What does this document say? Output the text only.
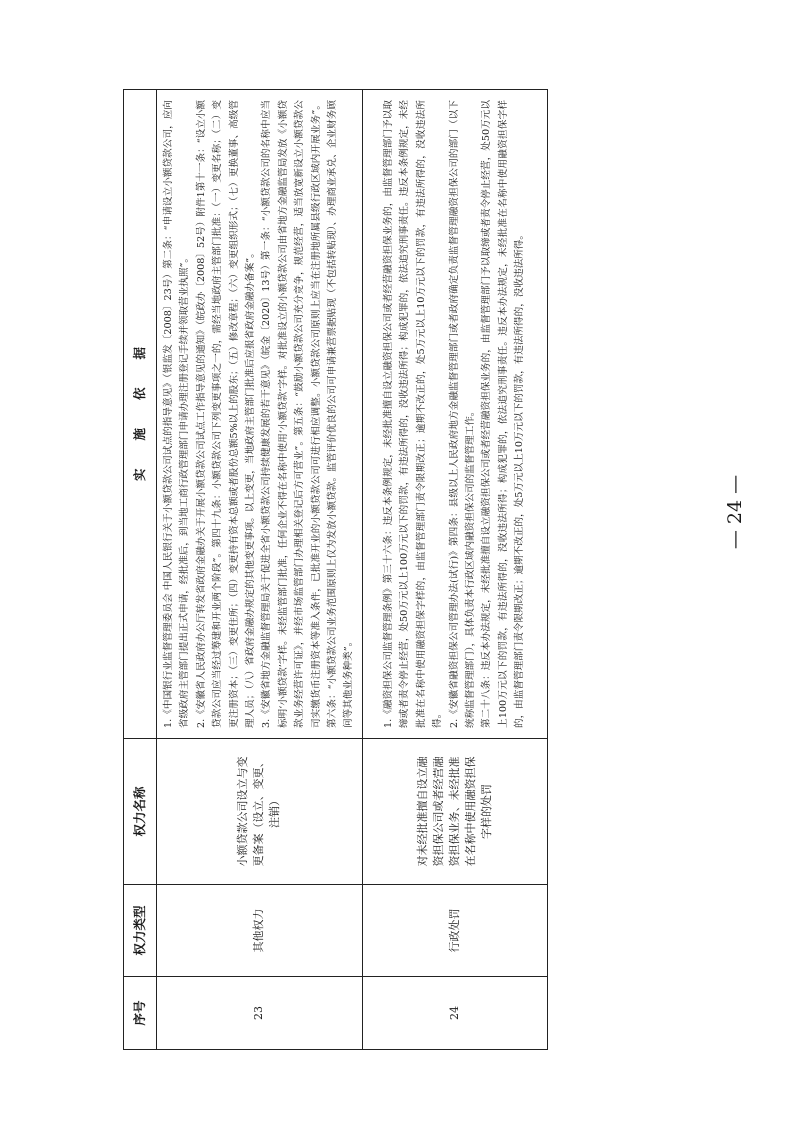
序号	权力类型	权力名称	实施依据
23	其他权力	小额贷款公司设立与变更备案（设立、变更、注销）	1.《中国银行业监督管理委员会 中国人民银行关于小额贷款公司试点的指导意见》（银监发〔2008〕23号）第二条：“申请设立小额贷款公司，应向省级政府主管部门提出正式申请，经批准后，到当地工商行政管理部门申请办理注册登记手续并领取营业执照”。 2.《安徽省人民政府办公厅转发省政府金融办关于开展小额贷款公司试点工作指导意见的通知》（皖政办〔2008〕52号）附件1第十一条：“设立小额贷款公司应当经过筹建和开业两个阶段”。第四十九条：小额贷款公司下列变更事项之一的，需经当地政府主管部门批准：（一）变更名称；（二）变更注册资本；（三）变更住所；（四）变更持有资本总额或者股份总额5%以上的股东；（五）修改章程；（六）变更组织形式；（七）更换董事、高级管理人员；（八）省政府金融办规定的其他变更事项。以上变更，当地政府主管部门批准后应报省政府金融办备案”。 3.《安徽省地方金融监督管理局关于促进全省小额贷款公司持续健康发展的若干意见》（皖金〔2020〕13号）第一条：“小额贷款公司的名称中应当标明‘小额贷款’字样。未经监管部门批准，任何企业不得在名称中使用‘小额贷款’字样。对批准设立的小额贷款公司由省地方金融监管局发放《小额贷款业务经营许可证》，并经市场监管部门办理相关登记后方可营业”。第五条：“鼓励小额贷款公司充分竞争，规范经营，适当放宽新设立小额贷款公司实缴货币注册资本等准入条件，已批准开业的小额贷款公司可进行相应调整。小额贷款公司原则上应当在注册地所属县级行政区域内开展业务”。第六条：“小额贷款公司业务范围原则上仅为发放小额贷款。监管评价优良的公司可申请兼营票据贴现（不包括转贴现）、办理商业承兑、企业财务顾问等其他业务种类”。

24	行政处罚	对未经批准擅自设立融资担保公司或者经营融资担保业务、未经批准在名称中使用融资担保字样的处罚	1.《融资担保公司监督管理条例》第三十六条：违反本条例规定，未经批准擅自设立融资担保公司或者经营融资担保业务的，由监督管理部门予以取缔或者责令停止经营，处50万元以上100万元以下的罚款，有违法所得的，没收违法所得；构成犯罪的，依法追究刑事责任。违反本条例规定，未经批准在名称中使用融资担保字样的，由监督管理部门责令限期改正；逾期不改正的，处5万元以上10万元以下的罚款，有违法所得的，没收违法所得。 2.《安徽省融资担保公司管理办法(试行)》第四条：县级以上人民政府地方金融监督管理部门或者政府确定负责监督管理融资担保公司的部门（以下统称监督管理部门），具体负责本行政区域内融资担保公司的监督管理工作。 第二十八条：违反本办法规定，未经批准擅自设立融资担保公司或者经营融资担保业务的，由监督管理部门予以取缔或者责令停止经营，处50万元以上100万元以下的罚款，有违法所得的，没收违法所得；构成犯罪的，依法追究刑事责任。违反本办法规定，未经批准在名称中使用融资担保字样的，由监督管理部门责令限期改正；逾期不改正的，处5万元以上10万元以下的罚款，有违法所得的，没收违法所得。	— 24 —
